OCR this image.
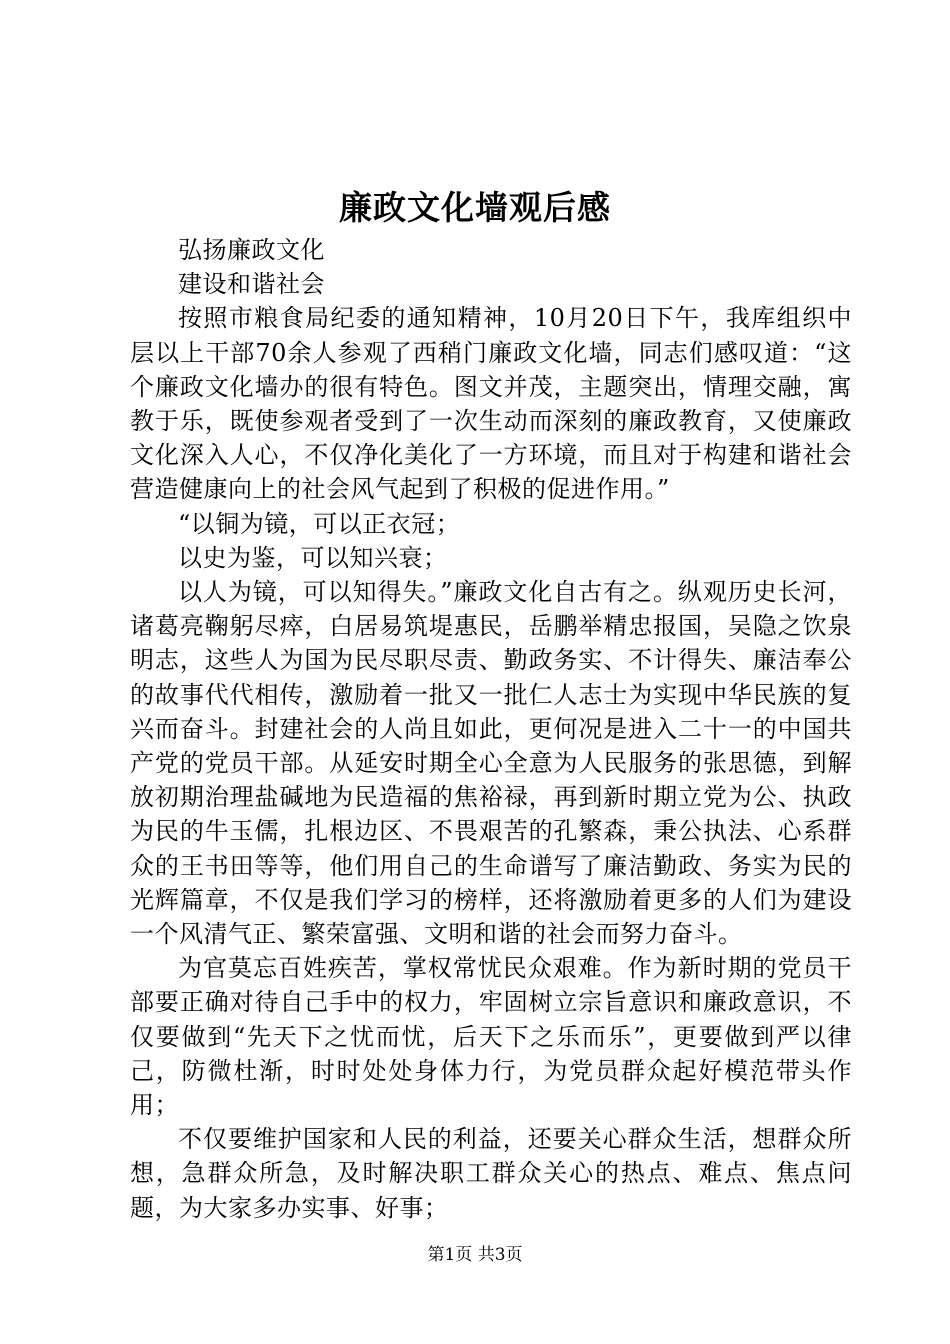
廉政文化墙观后感

弘扬廉政文化

建设和谐社会

按照市粮食局纪委的通知精神，10月20日下午，我库组织中层以上干部70余人参观了西稍门廉政文化墙，同志们感叹道：“这个廉政文化墙办的很有特色。图文并茂，主题突出，情理交融，寓教于乐，既使参观者受到了一次生动而深刻的廉政教育，又使廉政文化深入人心，不仅净化美化了一方环境，而且对于构建和谐社会营造健康向上的社会风气起到了积极的促进作用。”

“以铜为镜，可以正衣冠；

以史为鉴，可以知兴衰；

以人为镜，可以知得失。”廉政文化自古有之。纵观历史长河，诸葛亮鞠躬尽瘁，白居易筑堤惠民，岳鹏举精忠报国，吴隐之饮泉明志，这些人为国为民尽职尽责、勤政务实、不计得失、廉洁奉公的故事代代相传，激励着一批又一批仁人志士为实现中华民族的复兴而奋斗。封建社会的人尚且如此，更何况是进入二十一的中国共产党的党员干部。从延安时期全心全意为人民服务的张思德，到解放初期治理盐碱地为民造福的焦裕禄，再到新时期立党为公、执政为民的牛玉儒，扎根边区、不畏艰苦的孔繁森，秉公执法、心系群众的王书田等等，他们用自己的生命谱写了廉洁勤政、务实为民的光辉篇章，不仅是我们学习的榜样，还将激励着更多的人们为建设一个风清气正、繁荣富强、文明和谐的社会而努力奋斗。

为官莫忘百姓疾苦，掌权常忧民众艰难。作为新时期的党员干部要正确对待自己手中的权力，牢固树立宗旨意识和廉政意识，不仅要做到“先天下之忧而忧，后天下之乐而乐”，更要做到严以律己，防微杜渐，时时处处身体力行，为党员群众起好模范带头作用；

不仅要维护国家和人民的利益，还要关心群众生活，想群众所想，急群众所急，及时解决职工群众关心的热点、难点、焦点问题，为大家多办实事、好事；

第1页 共3页
